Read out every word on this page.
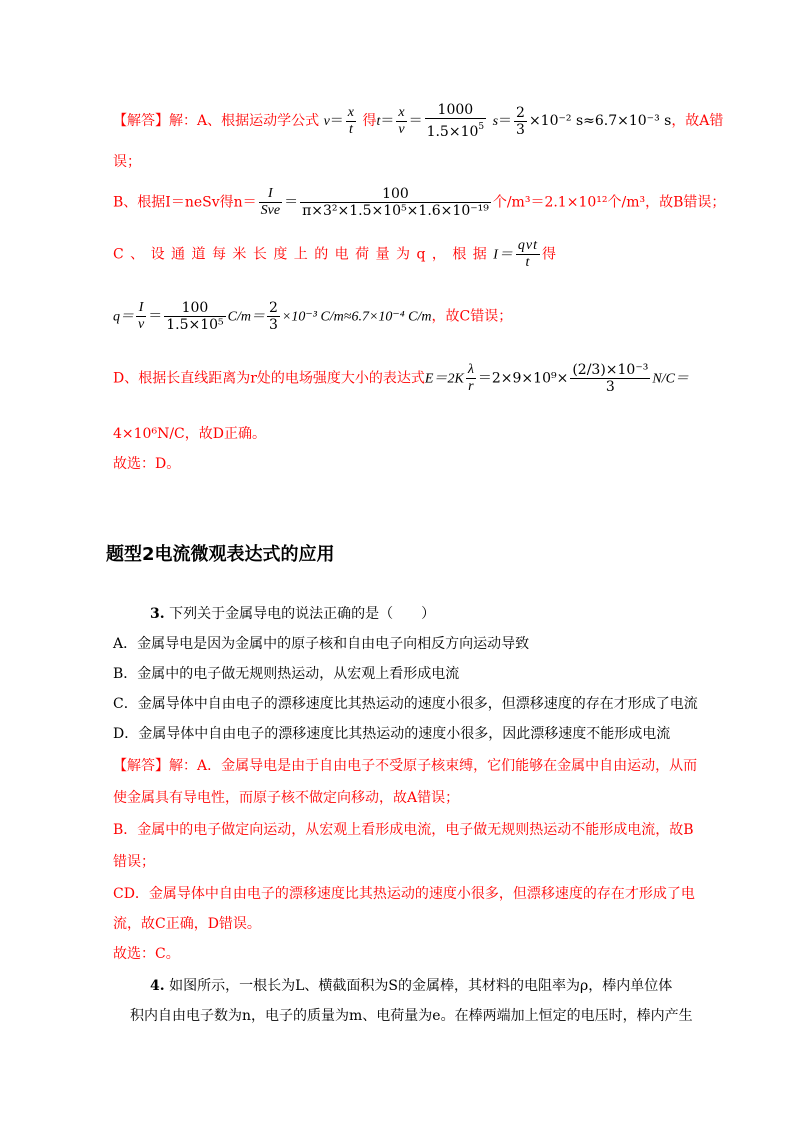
【解答】解：A、根据运动学公式 $v= \frac{x}{t}$ 得$t= \frac{x}{v} = \frac{1000}{1.5\times 10^5} s= \frac{2}{3} \times 10^{-2}$ s≈6.7×10⁻³ s，故A错
误；
B、根据I＝neSv得$n= \frac{I}{\text{Sve}} = \frac{100}{\text{π×3²×1.5×10⁵×1.6×10⁻¹⁹}}$ 个/m³＝2.1×10¹²个/m³，故B错误；
C 、 设 通 道 每 米 长 度 上 的 电 荷 量 为 q ， 根 据 $I= \frac{\text{qvt}}{t}$ 得
$q= \frac{I}{v} = \frac{100}{\text{1.5×10⁵}} C/m= \frac{2}{3} \times 10^{-3}$ C/m≈6.7×10⁻⁴ C/m，故C错误；
D、根据长直线距离为r处的电场强度大小的表达式$E=2K \frac{\lambda}{r} =2\times 9\times 10^9\times \frac{\text{(2/3)×10⁻³}}{3} N/C=$
4×10⁶N/C，故D正确。
故选：D。
题型2电流微观表达式的应用
3. 下列关于金属导电的说法正确的是（　　）
A．金属导电是因为金属中的原子核和自由电子向相反方向运动导致
B．金属中的电子做无规则热运动，从宏观上看形成电流
C．金属导体中自由电子的漂移速度比其热运动的速度小很多，但漂移速度的存在才形成了电流
D．金属导体中自由电子的漂移速度比其热运动的速度小很多，因此漂移速度不能形成电流
【解答】解：A．金属导电是由于自由电子不受原子核束缚，它们能够在金属中自由运动，从而
使金属具有导电性，而原子核不做定向移动，故A错误；
B．金属中的电子做定向运动，从宏观上看形成电流，电子做无规则热运动不能形成电流，故B
错误；
CD．金属导体中自由电子的漂移速度比其热运动的速度小很多，但漂移速度的存在才形成了电
流，故C正确，D错误。
故选：C。
4. 如图所示，一根长为L、横截面积为S的金属棒，其材料的电阻率为ρ，棒内单位体
积内自由电子数为n，电子的质量为m、电荷量为e。在棒两端加上恒定的电压时，棒内产生
